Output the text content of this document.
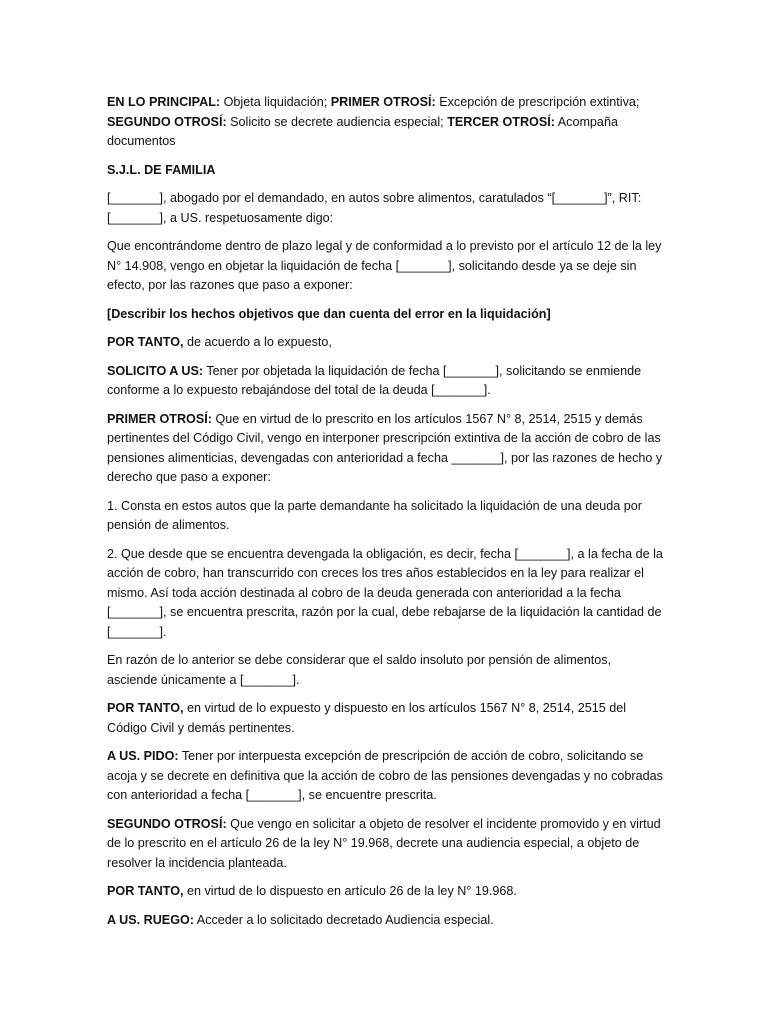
EN LO PRINCIPAL: Objeta liquidación; PRIMER OTROSÍ: Excepción de prescripción extintiva; SEGUNDO OTROSÍ: Solicito se decrete audiencia especial; TERCER OTROSÍ: Acompaña documentos

S.J.L. DE FAMILIA

[_______], abogado por el demandado, en autos sobre alimentos, caratulados “[_______]”, RIT: [_______], a US. respetuosamente digo:

Que encontrándome dentro de plazo legal y de conformidad a lo previsto por el artículo 12 de la ley N° 14.908, vengo en objetar la liquidación de fecha [_______], solicitando desde ya se deje sin efecto, por las razones que paso a exponer:

[Describir los hechos objetivos que dan cuenta del error en la liquidación]

POR TANTO, de acuerdo a lo expuesto,

SOLICITO A US: Tener por objetada la liquidación de fecha [_______], solicitando se enmiende conforme a lo expuesto rebajándose del total de la deuda [_______].

PRIMER OTROSÍ: Que en virtud de lo prescrito en los artículos 1567 N° 8, 2514, 2515 y demás pertinentes del Código Civil, vengo en interponer prescripción extintiva de la acción de cobro de las pensiones alimenticias, devengadas con anterioridad a fecha _______], por las razones de hecho y derecho que paso a exponer:

1. Consta en estos autos que la parte demandante ha solicitado la liquidación de una deuda por pensión de alimentos.

2. Que desde que se encuentra devengada la obligación, es decir, fecha [_______], a la fecha de la acción de cobro, han transcurrido con creces los tres años establecidos en la ley para realizar el mismo. Así toda acción destinada al cobro de la deuda generada con anterioridad a la fecha [_______], se encuentra prescrita, razón por la cual, debe rebajarse de la liquidación la cantidad de [_______].

En razón de lo anterior se debe considerar que el saldo insoluto por pensión de alimentos, asciende únicamente a [_______].

POR TANTO, en virtud de lo expuesto y dispuesto en los artículos 1567 N° 8, 2514, 2515 del Código Civil y demás pertinentes.

A US. PIDO: Tener por interpuesta excepción de prescripción de acción de cobro, solicitando se acoja y se decrete en definitiva que la acción de cobro de las pensiones devengadas y no cobradas con anterioridad a fecha [_______], se encuentre prescrita.

SEGUNDO OTROSÍ: Que vengo en solicitar a objeto de resolver el incidente promovido y en virtud de lo prescrito en el artículo 26 de la ley N° 19.968, decrete una audiencia especial, a objeto de resolver la incidencia planteada.

POR TANTO, en virtud de lo dispuesto en artículo 26 de la ley N° 19.968.

A US. RUEGO: Acceder a lo solicitado decretado Audiencia especial.
